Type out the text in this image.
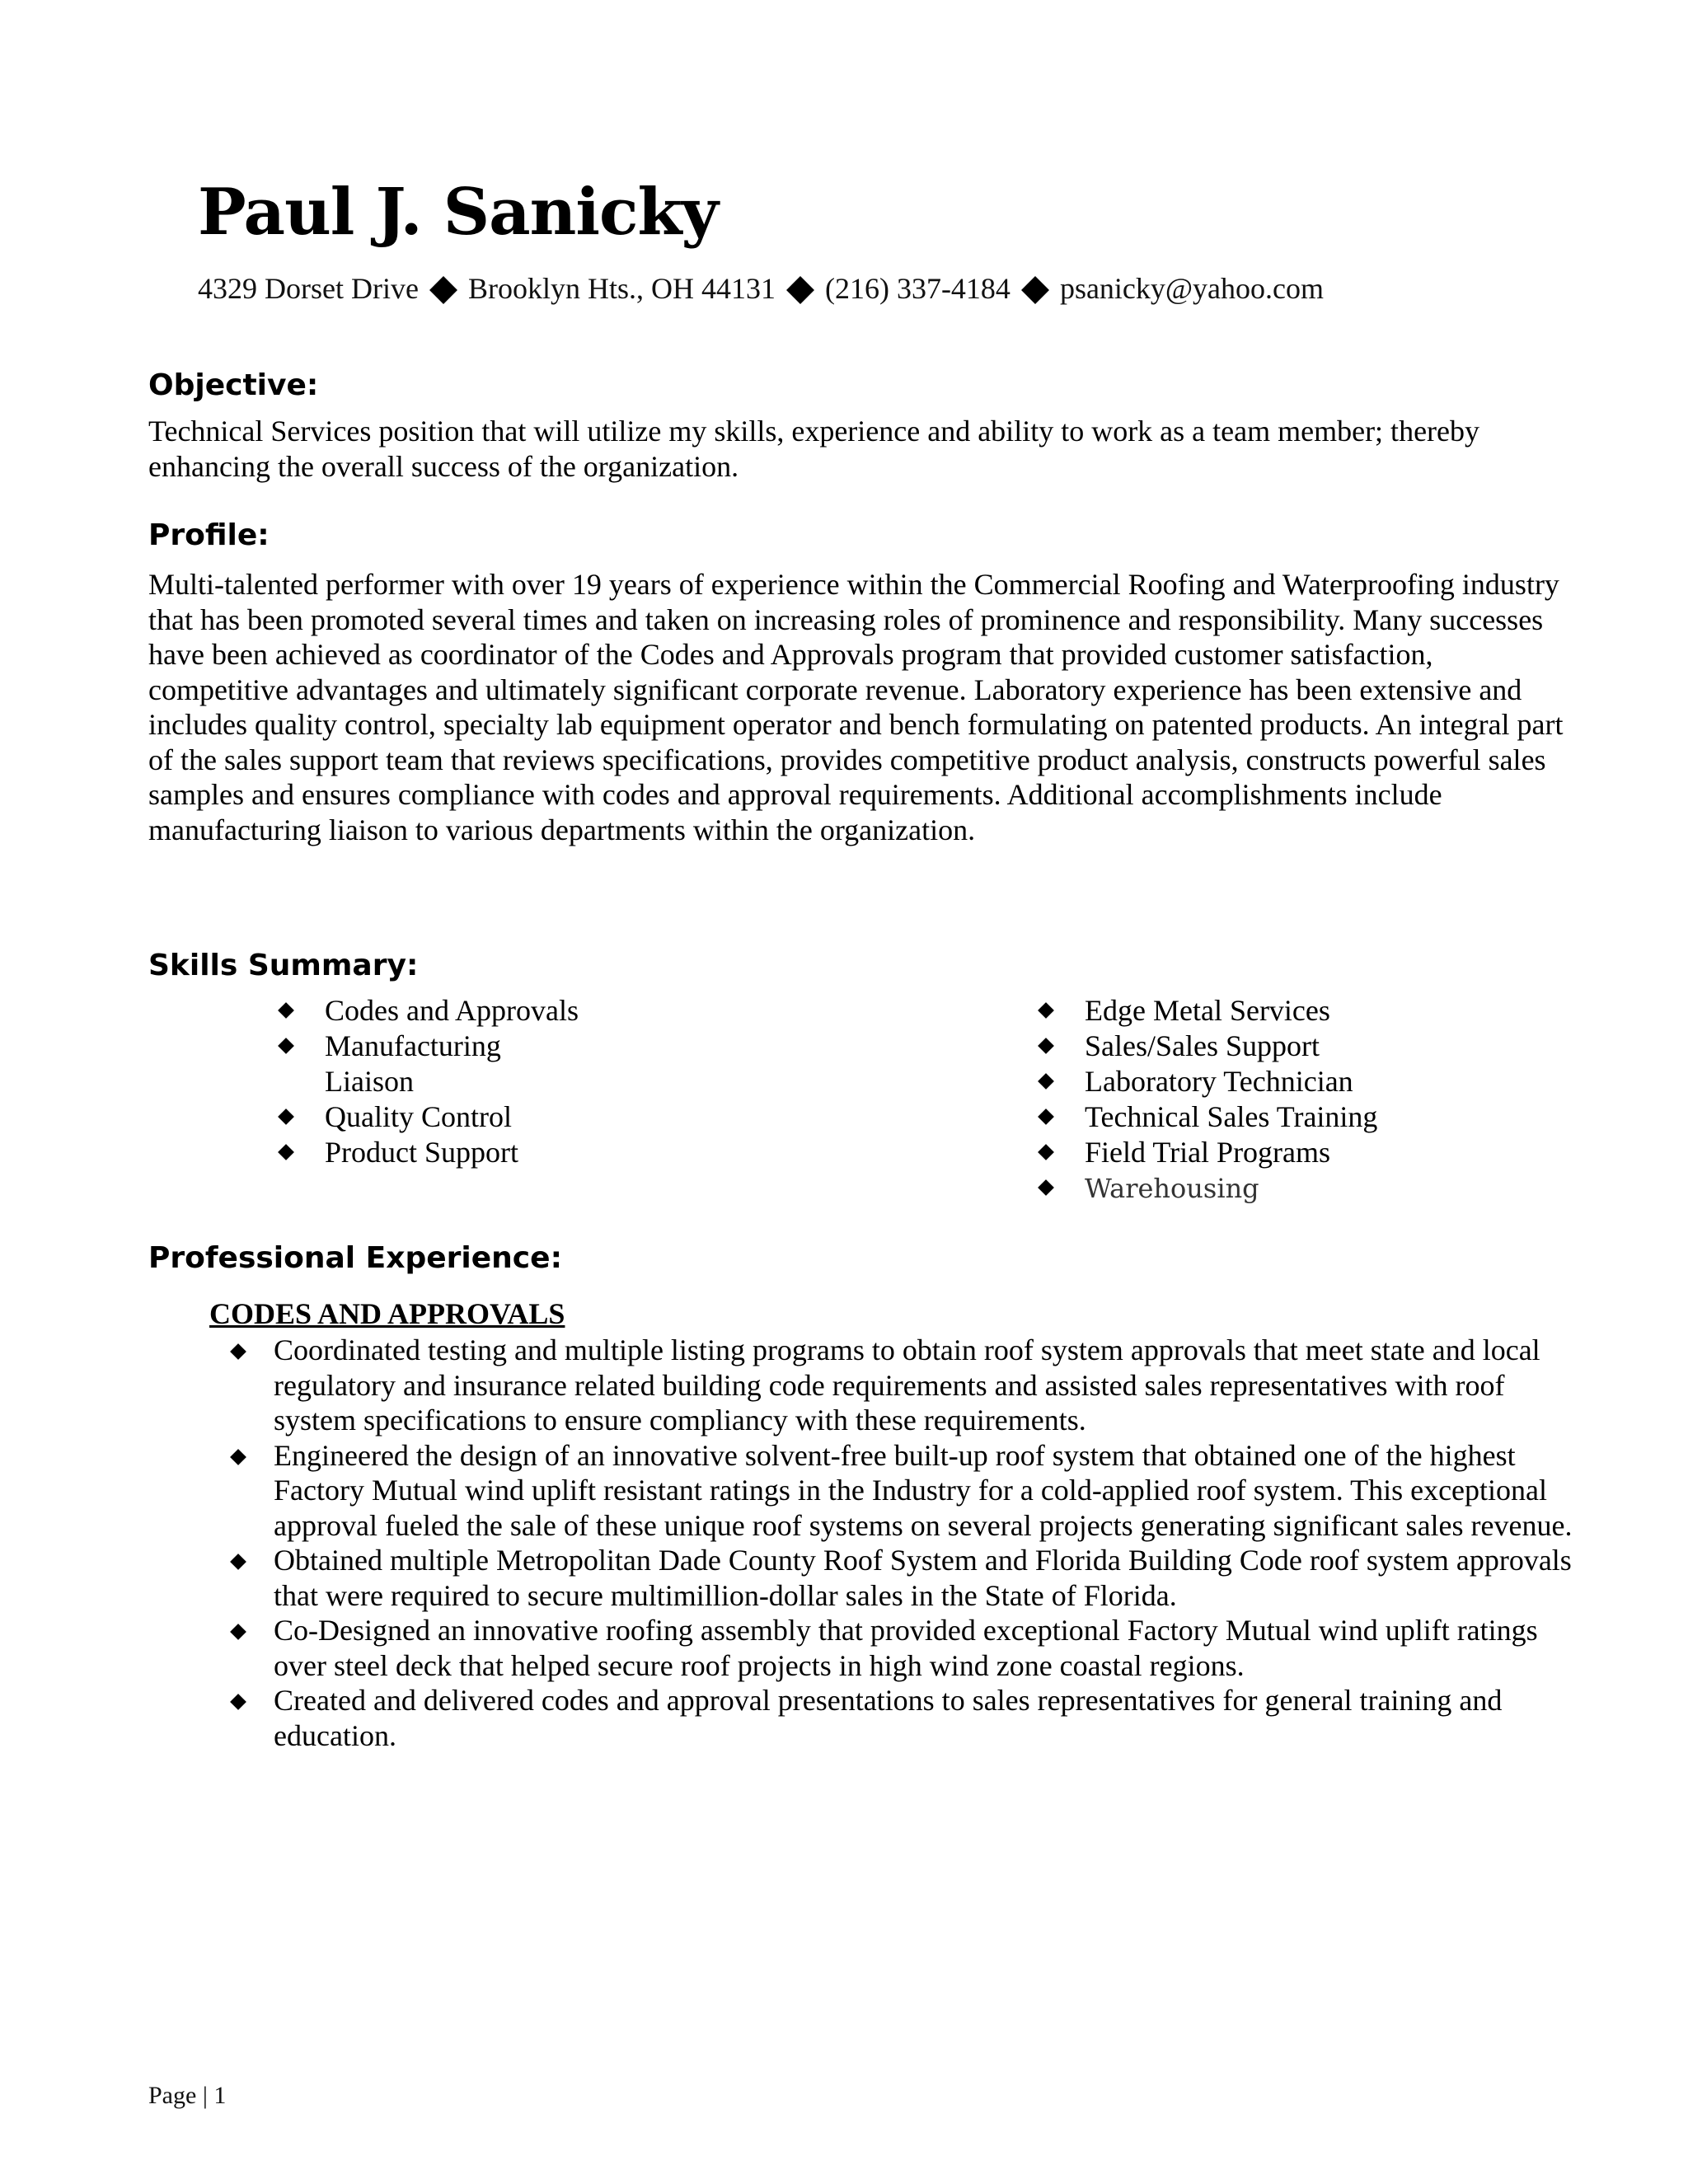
Paul J. Sanicky
4329 Dorset Drive Brooklyn Hts., OH 44131 (216) 337-4184 psanicky@yahoo.com
Objective:

Technical Services position that will utilize my skills, experience and ability to work as a team member; thereby enhancing the overall success of the organization.

Profile:

Multi-talented performer with over 19 years of experience within the Commercial Roofing and Waterproofing industry that has been promoted several times and taken on increasing roles of prominence and responsibility. Many successes have been achieved as coordinator of the Codes and Approvals program that provided customer satisfaction, competitive advantages and ultimately significant corporate revenue. Laboratory experience has been extensive and includes quality control, specialty lab equipment operator and bench formulating on patented products. An integral part of the sales support team that reviews specifications, provides competitive product analysis, constructs powerful sales samples and ensures compliance with codes and approval requirements. Additional accomplishments include manufacturing liaison to various departments within the organization.

Skills Summary:
Codes and Approvals
Manufacturing Liaison
Quality Control
Product Support
Edge Metal Services
Sales/Sales Support
Laboratory Technician
Technical Sales Training
Field Trial Programs
Warehousing
Professional Experience:
CODES AND APPROVALS
Coordinated testing and multiple listing programs to obtain roof system approvals that meet state and local regulatory and insurance related building code requirements and assisted sales representatives with roof system specifications to ensure compliancy with these requirements.
Engineered the design of an innovative solvent-free built-up roof system that obtained one of the highest Factory Mutual wind uplift resistant ratings in the Industry for a cold-applied roof system. This exceptional approval fueled the sale of these unique roof systems on several projects generating significant sales revenue.
Obtained multiple Metropolitan Dade County Roof System and Florida Building Code roof system approvals that were required to secure multimillion-dollar sales in the State of Florida.
Co-Designed an innovative roofing assembly that provided exceptional Factory Mutual wind uplift ratings over steel deck that helped secure roof projects in high wind zone coastal regions.
Created and delivered codes and approval presentations to sales representatives for general training and education.
Page | 1
